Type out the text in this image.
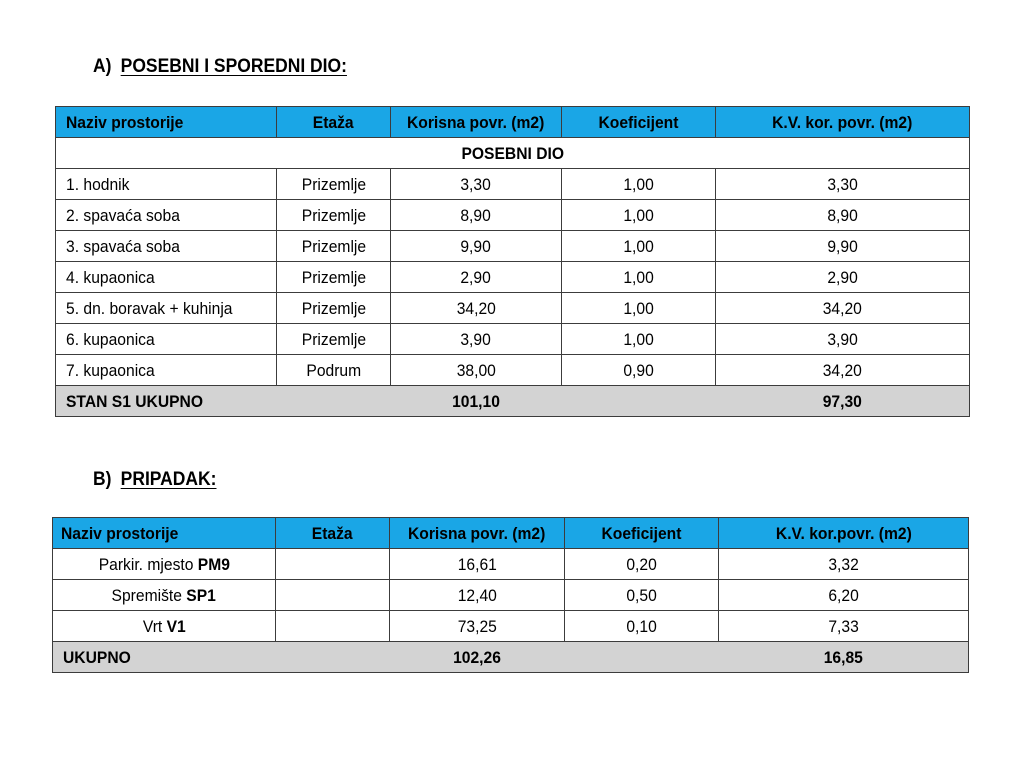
A) POSEBNI I SPOREDNI DIO:
Naziv prostorije	Etaža	Korisna povr. (m2)	Koeficijent	K.V. kor. povr. (m2)
POSEBNI DIO				
1. hodnik	Prizemlje	3,30	1,00	3,30
2. spavaća soba	Prizemlje	8,90	1,00	8,90
3. spavaća soba	Prizemlje	9,90	1,00	9,90
4. kupaonica	Prizemlje	2,90	1,00	2,90
5. dn. boravak + kuhinja	Prizemlje	34,20	1,00	34,20
6. kupaonica	Prizemlje	3,90	1,00	3,90
7. kupaonica	Podrum	38,00	0,90	34,20
STAN S1 UKUPNO		101,10		97,30
B) PRIPADAK:
Naziv prostorije	Etaža	Korisna povr. (m2)	Koeficijent	K.V. kor.povr. (m2)
Parkir. mjesto PM9		16,61	0,20	3,32
Spremište SP1		12,40	0,50	6,20
Vrt V1		73,25	0,10	7,33
UKUPNO		102,26		16,85
